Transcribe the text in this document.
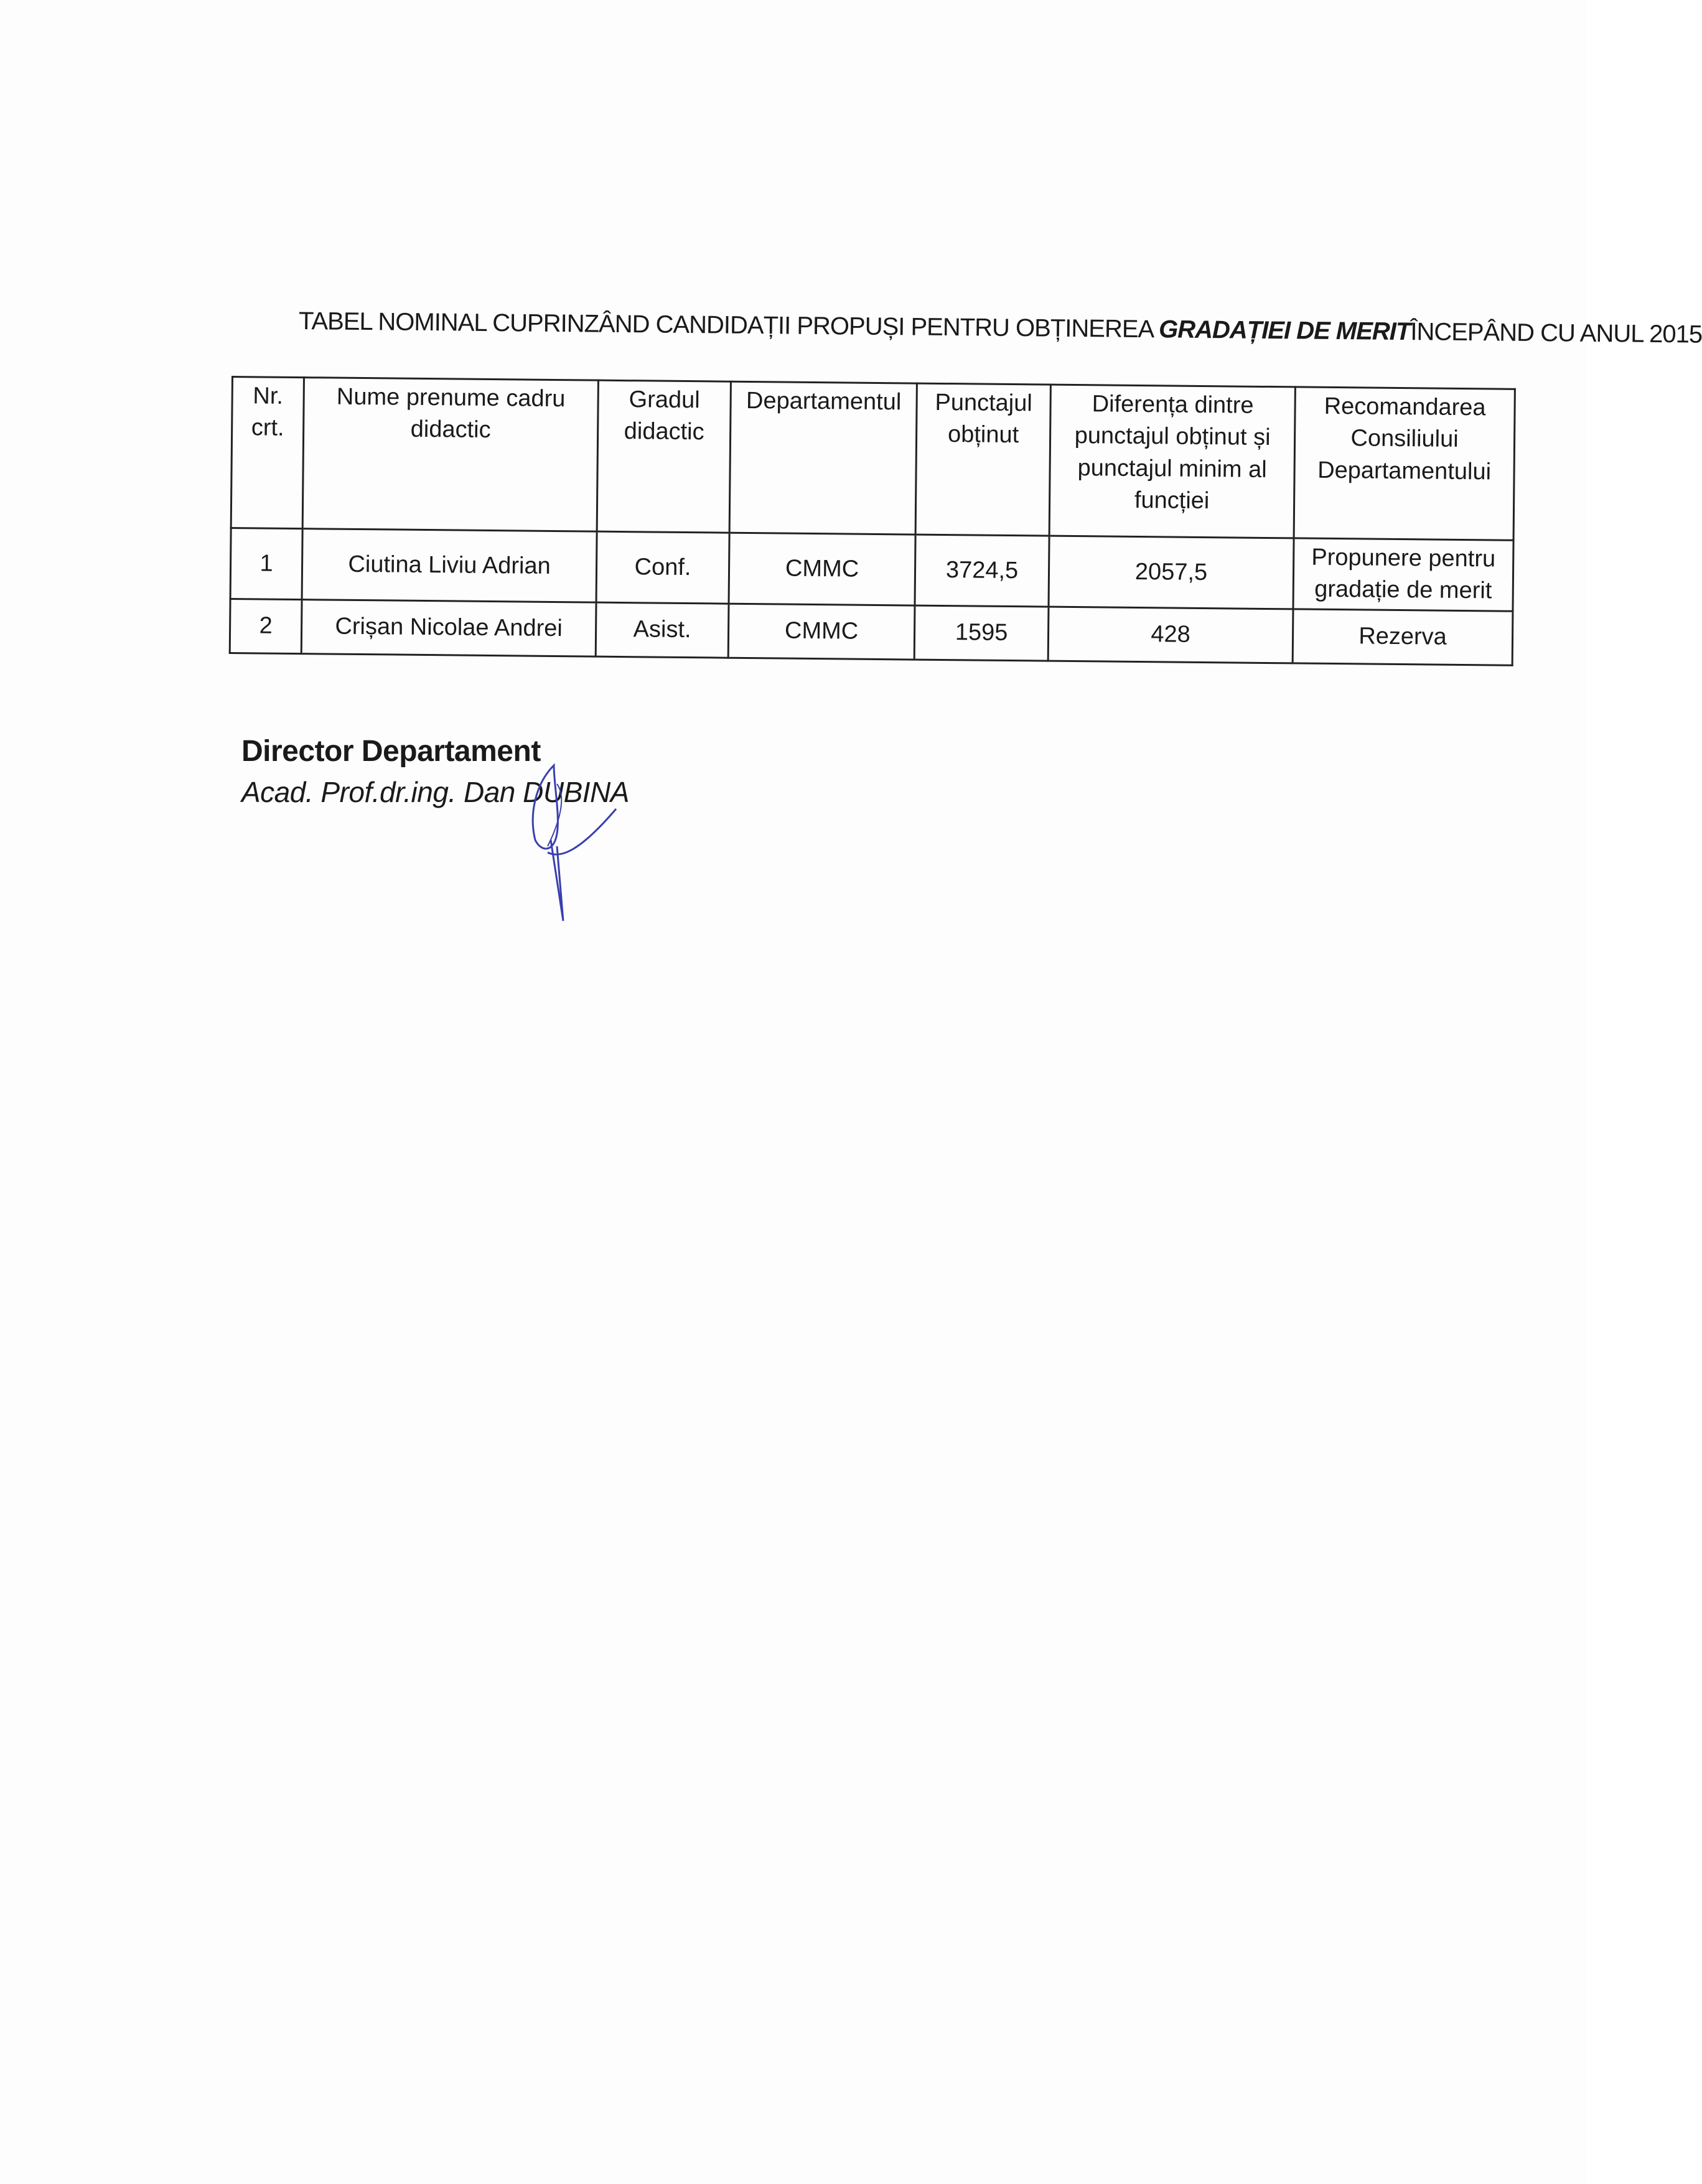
TABEL NOMINAL CUPRINZÂND CANDIDAȚII PROPUȘI PENTRU OBȚINEREA GRADAȚIEI DE MERITÎNCEPÂND CU ANUL 2015
Nr. crt.	Nume prenume cadru didactic	Gradul didactic	Departamentul	Punctajul obținut	Diferența dintre punctajul obținut și punctajul minim al funcției	Recomandarea Consiliului Departamentului
1	Ciutina Liviu Adrian	Conf.	CMMC	3724,5	2057,5	Propunere pentru gradație de merit
2	Crișan Nicolae Andrei	Asist.	CMMC	1595	428	Rezerva
Director Departament
Acad. Prof.dr.ing. Dan DUBINA
